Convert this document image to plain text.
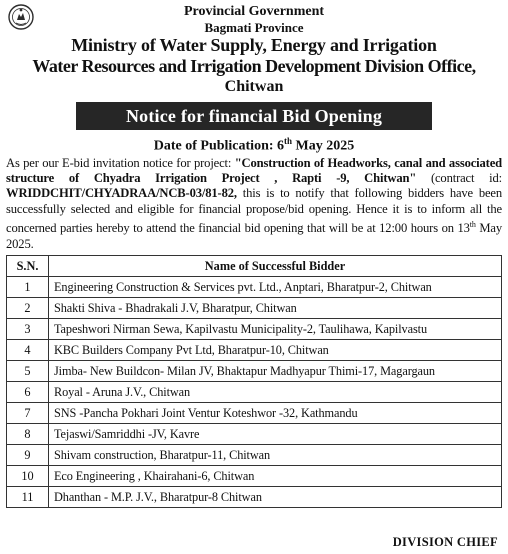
Provincial Government
Bagmati Province
Ministry of Water Supply, Energy and Irrigation
Water Resources and Irrigation Development Division Office,
Chitwan
Notice for financial Bid Opening
Date of Publication: 6th May 2025

As per our E-bid invitation notice for project: "Construction of Headworks, canal and associated structure of Chyadra Irrigation Project , Rapti -9, Chitwan" (contract id: WRIDDCHIT/CHYADRAA/NCB-03/81-82, this is to notify that following bidders have been successfully selected and eligible for financial propose/bid opening. Hence it is to inform all the concerned parties hereby to attend the financial bid opening that will be at 12:00 hours on 13th May 2025.

S.N.	Name of Successful Bidder
1	Engineering Construction & Services pvt. Ltd., Anptari, Bharatpur-2, Chitwan
2	Shakti Shiva - Bhadrakali J.V, Bharatpur, Chitwan
3	Tapeshwori Nirman Sewa, Kapilvastu Municipality-2, Taulihawa, Kapilvastu
4	KBC Builders Company Pvt Ltd, Bharatpur-10, Chitwan
5	Jimba- New Buildcon- Milan JV, Bhaktapur Madhyapur Thimi-17, Magargaun
6	Royal - Aruna J.V., Chitwan
7	SNS -Pancha Pokhari Joint Ventur Koteshwor -32, Kathmandu
8	Tejaswi/Samriddhi -JV, Kavre
9	Shivam construction, Bharatpur-11, Chitwan
10	Eco Engineering , Khairahani-6, Chitwan
11	Dhanthan - M.P. J.V., Bharatpur-8 Chitwan
DIVISION CHIEF
